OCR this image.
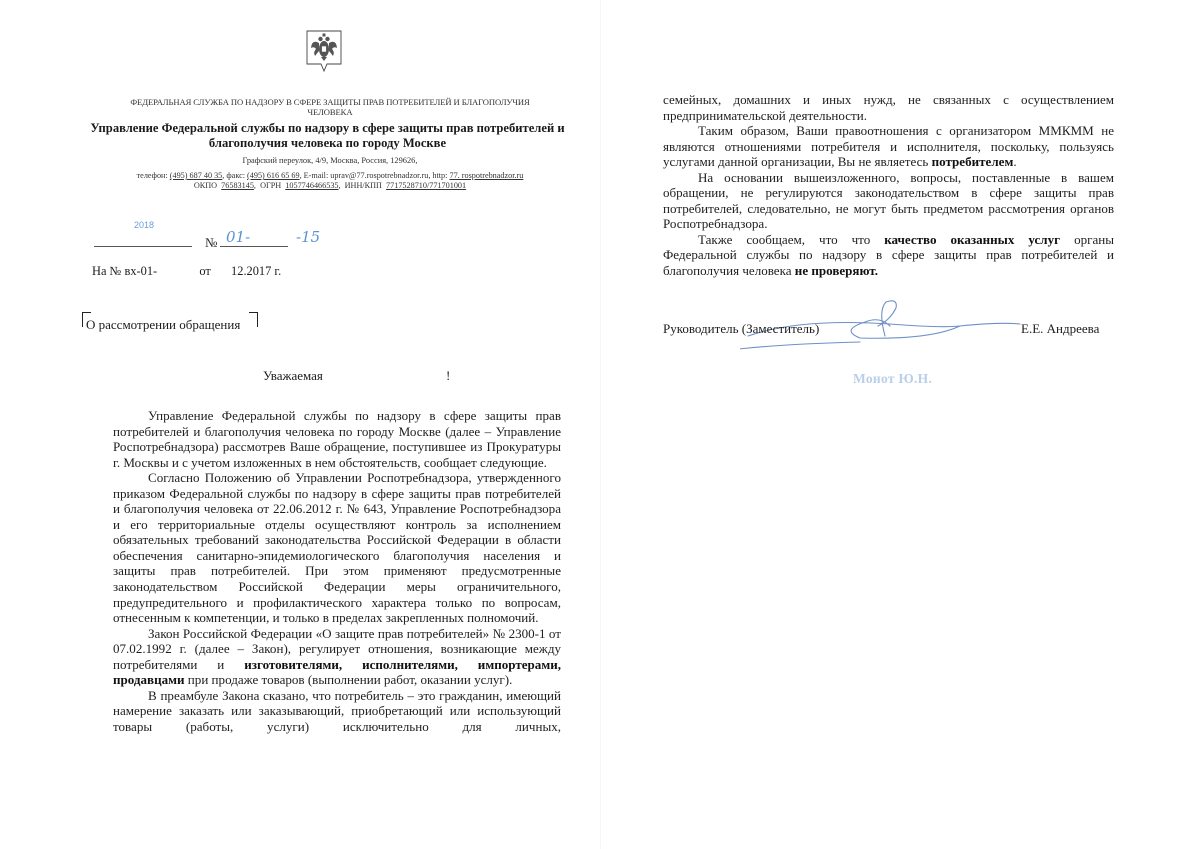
ФЕДЕРАЛЬНАЯ СЛУЖБА ПО НАДЗОРУ В СФЕРЕ ЗАЩИТЫ ПРАВ ПОТРЕБИТЕЛЕЙ И БЛАГОПОЛУЧИЯ ЧЕЛОВЕКА
Управление Федеральной службы по надзору в сфере защиты прав потребителей и благополучия человека по городу Москве
Графский переулок, 4/9, Москва, Россия, 129626,
телефон: (495) 687 40 35, факс: (495) 616 65 69, E-mail: uprav@77.rospotrebnadzor.ru, http: 77. rospotrebnadzor.ru
ОКПО 76583145,  ОГРН 1057746466535,  ИНН/КПП 7717528710/771701001
2018
№ 01-	-15
На № вх-01-	от 12.2017 г.
О рассмотрении обращения
Уважаемая	!

Управление Федеральной службы по надзору в сфере защиты прав потребителей и благополучия человека по городу Москве (далее – Управление Роспотребнадзора) рассмотрев Ваше обращение, поступившее из Прокуратуры г. Москвы и с учетом изложенных в нем обстоятельств, сообщает следующие.

Согласно Положению об Управлении Роспотребнадзора, утвержденного приказом Федеральной службы по надзору в сфере защиты прав потребителей и благополучия человека от 22.06.2012 г. № 643, Управление Роспотребнадзора и его территориальные отделы осуществляют контроль за исполнением обязательных требований законодательства Российской Федерации в области обеспечения санитарно-эпидемиологического благополучия населения и защиты прав потребителей. При этом применяют предусмотренные законодательством Российской Федерации меры ограничительного, предупредительного и профилактического характера только по вопросам, отнесенным к компетенции, и только в пределах закрепленных полномочий.

Закон Российской Федерации «О защите прав потребителей» № 2300-1 от 07.02.1992 г. (далее – Закон), регулирует отношения, возникающие между потребителями и изготовителями, исполнителями, импортерами, продавцами при продаже товаров (выполнении работ, оказании услуг).

В преамбуле Закона сказано, что потребитель – это гражданин, имеющий намерение заказать или заказывающий, приобретающий или использующий товары (работы, услуги) исключительно для личных,

семейных, домашних и иных нужд, не связанных с осуществлением предпринимательской деятельности.

Таким образом, Ваши правоотношения с организатором ММКММ не являются отношениями потребителя и исполнителя, поскольку, пользуясь услугами данной организации, Вы не являетесь потребителем.

На основании вышеизложенного, вопросы, поставленные в вашем обращении, не регулируются законодательством в сфере защиты прав потребителей, следовательно, не могут быть предметом рассмотрения органов Роспотребнадзора.

Также сообщаем, что что качество оказанных услуг органы Федеральной службы по надзору в сфере защиты прав потребителей и благополучия человека не проверяют.

Руководитель (Заместитель)	Е.Е. Андреева
Монот Ю.Н.
